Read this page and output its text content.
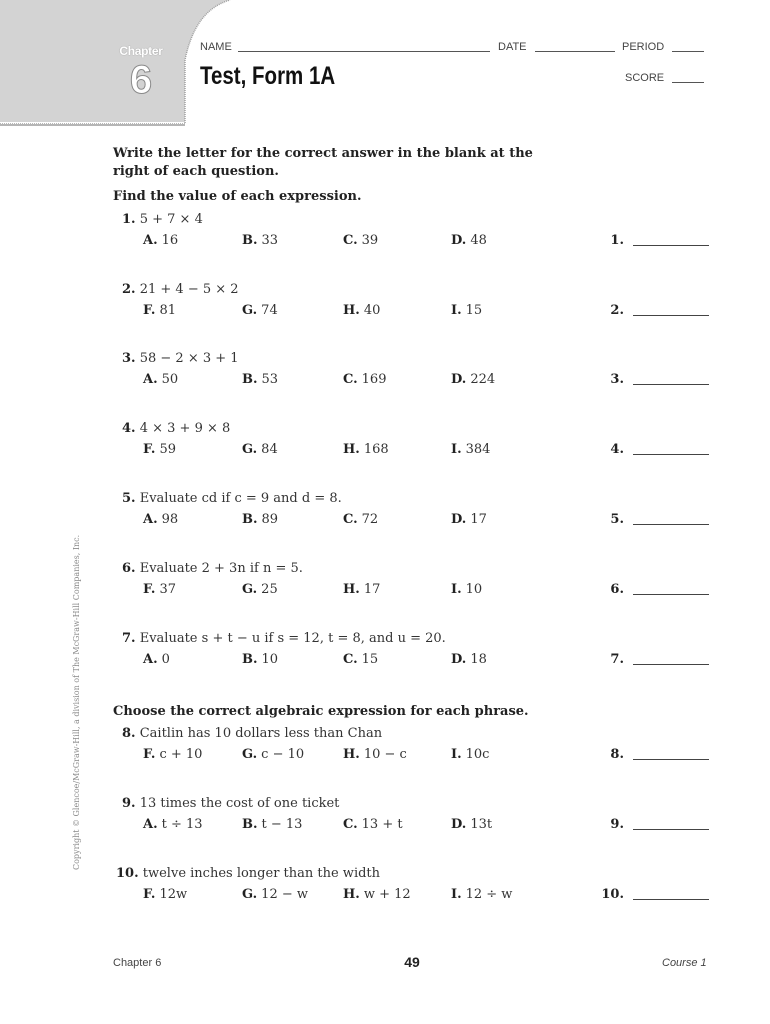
Chapter
6	Test, Form 1A
NAME	DATE	PERIOD
SCORE
Copyright © Glencoe/McGraw-Hill, a division of The McGraw-Hill Companies, Inc.
Write the letter for the correct answer in the blank at the
right of each question.
Find the value of each expression.
Choose the correct algebraic expression for each phrase.
1. 5 + 7 × 4
A. 16	B. 33	C. 39	D. 48	1.
2. 21 + 4 − 5 × 2
F. 81	G. 74	H. 40	I. 15	2.
3. 58 − 2 × 3 + 1
A. 50	B. 53	C. 169	D. 224	3.
4. 4 × 3 + 9 × 8
F. 59	G. 84	H. 168	I. 384	4.
5. Evaluate cd if c = 9 and d = 8.
A. 98	B. 89	C. 72	D. 17	5.
6. Evaluate 2 + 3n if n = 5.
F. 37	G. 25	H. 17	I. 10	6.
7. Evaluate s + t − u if s = 12, t = 8, and u = 20.
A. 0	B. 10	C. 15	D. 18	7.
8. Caitlin has 10 dollars less than Chan
F. c + 10	G. c − 10	H. 10 − c	I. 10c	8.
9. 13 times the cost of one ticket
A. t ÷ 13	B. t − 13	C. 13 + t	D. 13t	9.
10. twelve inches longer than the width
F. 12w	G. 12 − w	H. w + 12	I. 12 ÷ w	10.
Chapter 6	49	Course 1
